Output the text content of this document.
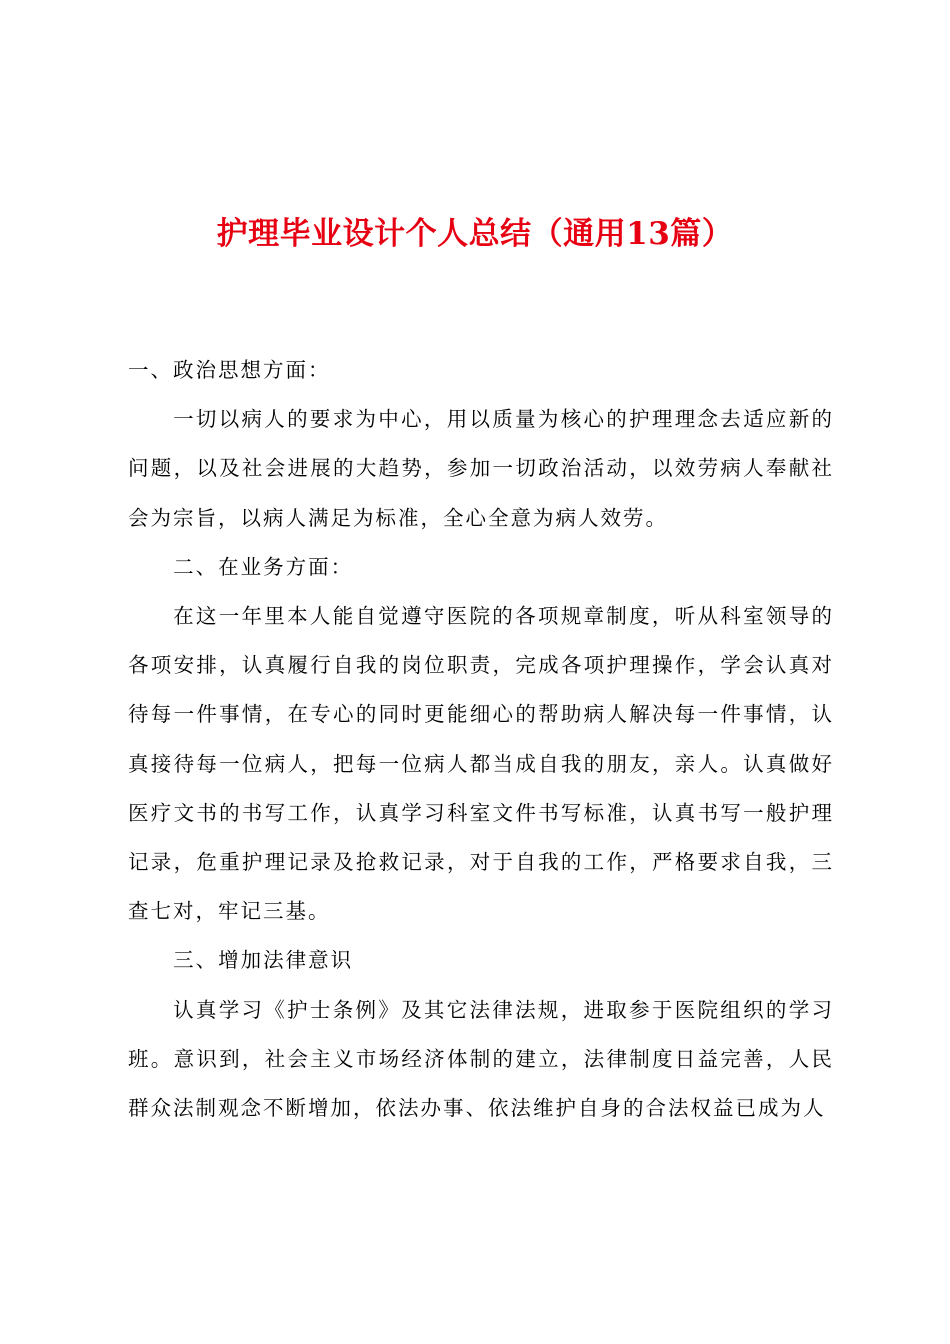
护理毕业设计个人总结（通用13篇）

一、政治思想方面：

一切以病人的要求为中心，用以质量为核心的护理理念去适应新的问题，以及社会进展的大趋势，参加一切政治活动，以效劳病人奉献社会为宗旨，以病人满足为标准，全心全意为病人效劳。

二、在业务方面：

在这一年里本人能自觉遵守医院的各项规章制度，听从科室领导的各项安排，认真履行自我的岗位职责，完成各项护理操作，学会认真对待每一件事情，在专心的同时更能细心的帮助病人解决每一件事情，认真接待每一位病人，把每一位病人都当成自我的朋友，亲人。认真做好医疗文书的书写工作，认真学习科室文件书写标准，认真书写一般护理记录，危重护理记录及抢救记录，对于自我的工作，严格要求自我，三查七对，牢记三基。

三、增加法律意识

认真学习《护士条例》及其它法律法规，进取参于医院组织的学习班。意识到，社会主义市场经济体制的建立，法律制度日益完善，人民群众法制观念不断增加，依法办事、依法维护自身的合法权益已成为人
